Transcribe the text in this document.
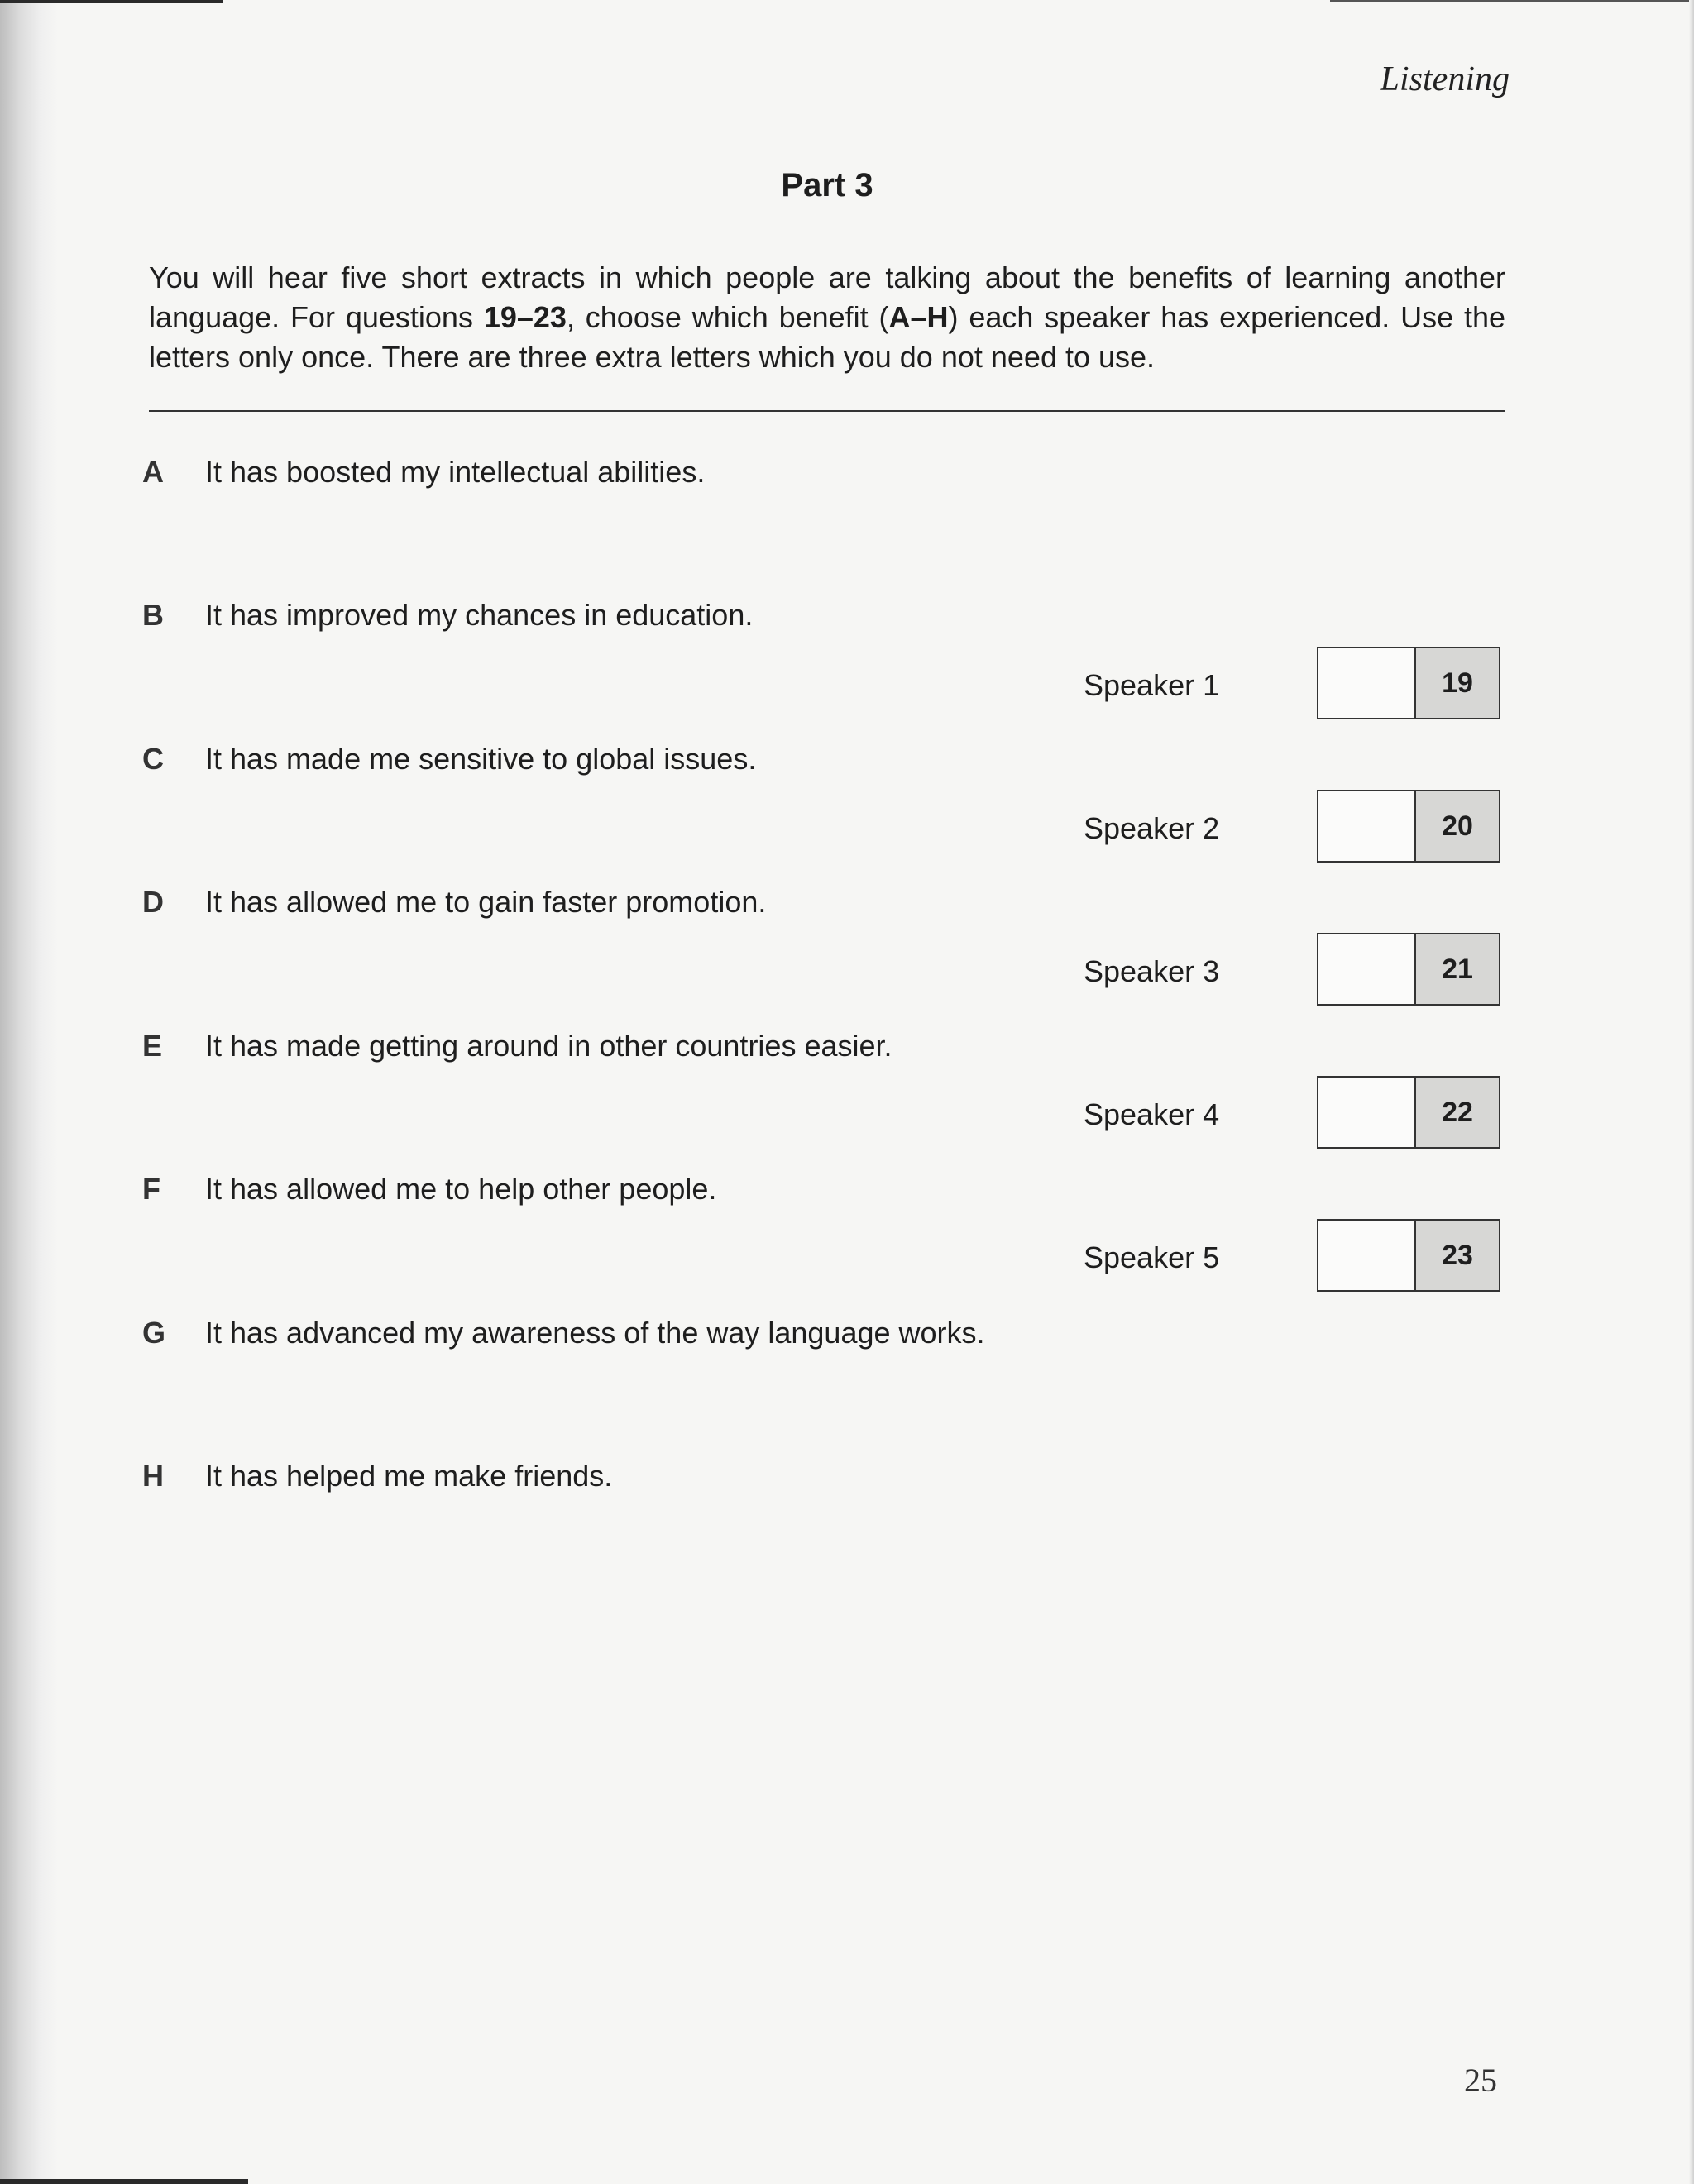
Listening
Part 3
You will hear five short extracts in which people are talking about the benefits of learning another language. For questions 19–23, choose which benefit (A–H) each speaker has experienced. Use the letters only once. There are three extra letters which you do not need to use.
A It has boosted my intellectual abilities.
B It has improved my chances in education.
C It has made me sensitive to global issues.
D It has allowed me to gain faster promotion.
E It has made getting around in other countries easier.
F It has allowed me to help other people.
G It has advanced my awareness of the way language works.
H It has helped me make friends.
Speaker 1	19
Speaker 2	20
Speaker 3	21
Speaker 4	22
Speaker 5	23
25
